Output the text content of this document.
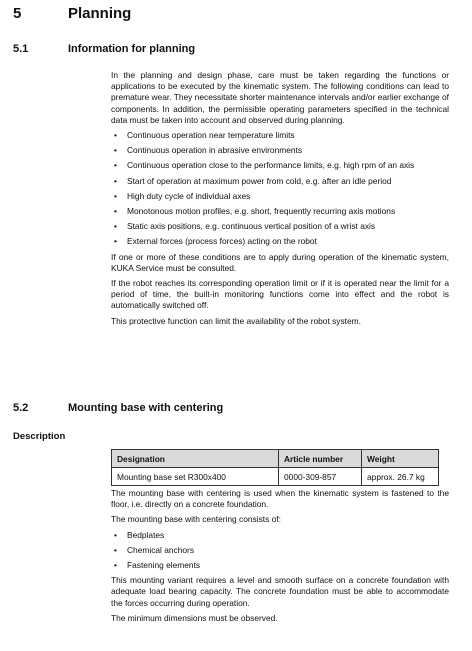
5	Planning
5.1	Information for planning

In the planning and design phase, care must be taken regarding the functions or applications to be executed by the kinematic system. The following conditions can lead to premature wear. They necessitate shorter maintenance intervals and/or earlier exchange of components. In addition, the permissible operating parameters specified in the technical data must be taken into account and observed during planning.

• Continuous operation near temperature limits
• Continuous operation in abrasive environments
• Continuous operation close to the performance limits, e.g. high rpm of an axis
• Start of operation at maximum power from cold, e.g. after an idle period
• High duty cycle of individual axes
• Monotonous motion profiles, e.g. short, frequently recurring axis motions
• Static axis positions, e.g. continuous vertical position of a wrist axis
• External forces (process forces) acting on the robot

If one or more of these conditions are to apply during operation of the kinematic system, KUKA Service must be consulted.

If the robot reaches its corresponding operation limit or if it is operated near the limit for a period of time, the built-in monitoring functions come into effect and the robot is automatically switched off.

This protective function can limit the availability of the robot system.

5.2	Mounting base with centering
Description
Designation	Article number	Weight
Mounting base set R300x400	0000-309-857	approx. 26.7 kg

The mounting base with centering is used when the kinematic system is fastened to the floor, i.e. directly on a concrete foundation.

The mounting base with centering consists of:

• Bedplates
• Chemical anchors
• Fastening elements

This mounting variant requires a level and smooth surface on a concrete foundation with adequate load bearing capacity. The concrete foundation must be able to accommodate the forces occurring during operation.

The minimum dimensions must be observed.
